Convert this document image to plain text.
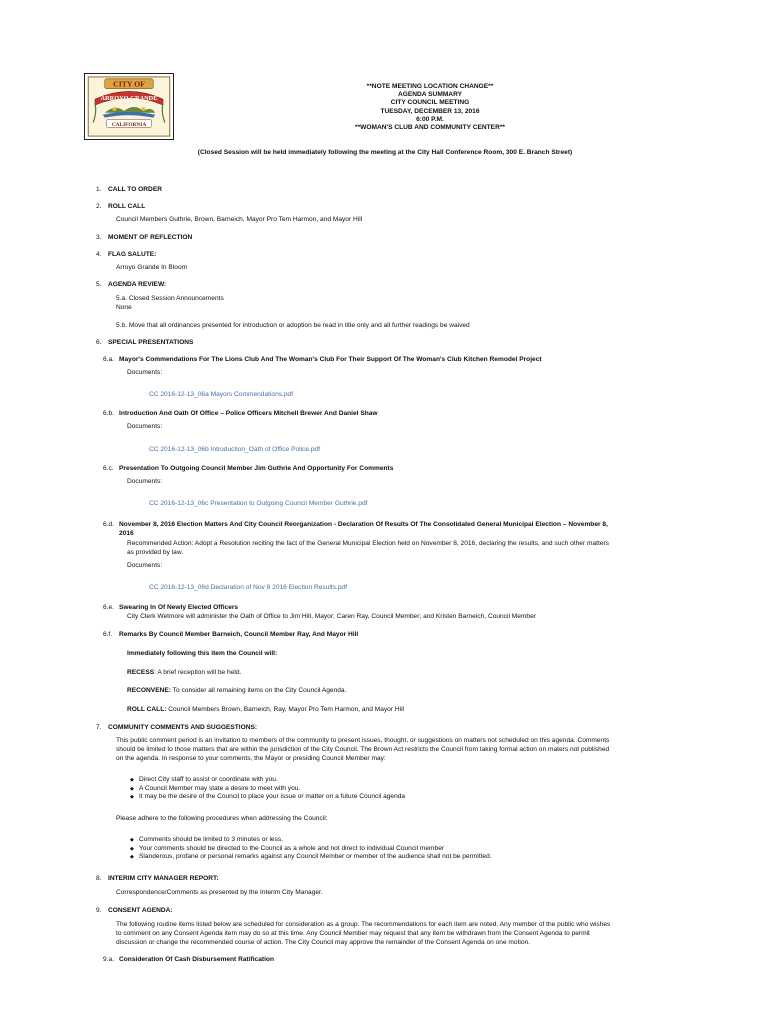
CITY OF
ARROYO GRANDE
CALIFORNIA
**NOTE MEETING LOCATION CHANGE**
AGENDA SUMMARY
CITY COUNCIL MEETING
TUESDAY, DECEMBER 13, 2016
6:00 P.M.
**WOMAN'S CLUB AND COMMUNITY CENTER**
(Closed Session will be held immediately following the meeting at the City Hall Conference Room, 300 E. Branch Street)
1. CALL TO ORDER
2. ROLL CALL
Council Members Guthrie, Brown, Barneich, Mayor Pro Tem Harmon, and Mayor Hill
3. MOMENT OF REFLECTION
4. FLAG SALUTE:
Arroyo Grande In Bloom
5. AGENDA REVIEW:
5.a. Closed Session Announcements
None
5.b. Move that all ordinances presented for introduction or adoption be read in title only and all further readings be waived
6. SPECIAL PRESENTATIONS
6.a. Mayor's Commendations For The Lions Club And The Woman's Club For Their Support Of The Woman's Club Kitchen Remodel Project
Documents:
CC 2016-12-13_06a Mayors Commendations.pdf
6.b. Introduction And Oath Of Office – Police Officers Mitchell Brewer And Daniel Shaw
Documents:
CC 2016-12-13_06b Introduction_Oath of Office Police.pdf
6.c. Presentation To Outgoing Council Member Jim Guthrie And Opportunity For Comments
Documents:
CC 2016-12-13_06c Presentation to Outgoing Council Member Guthrie.pdf
6.d. November 8, 2016 Election Matters And City Council Reorganization - Declaration Of Results Of The Consolidated General Municipal Election – November 8,
2016
Recommended Action: Adopt a Resolution reciting the fact of the General Municipal Election held on November 8, 2016, declaring the results, and such other matters
as provided by law.
Documents:
CC 2016-12-13_06d Declaration of Nov 8 2016 Election Results.pdf
6.e. Swearing In Of Newly Elected Officers
City Clerk Wetmore will administer the Oath of Office to Jim Hill, Mayor; Caren Ray, Council Member; and Kristen Barneich, Council Member
6.f. Remarks By Council Member Barneich, Council Member Ray, And Mayor Hill
Immediately following this item the Council will:
RECESS: A brief reception will be held.
RECONVENE: To consider all remaining items on the City Council Agenda.
ROLL CALL: Council Members Brown, Barneich, Ray, Mayor Pro Tem Harmon, and Mayor Hill
7. COMMUNITY COMMENTS AND SUGGESTIONS:
This public comment period is an invitation to members of the community to present issues, thought, or suggestions on matters not scheduled on this agenda. Comments
should be limited to those matters that are within the jurisdiction of the City Council. The Brown Act restricts the Council from taking formal action on maters not published
on the agenda. In response to your comments, the Mayor or presiding Council Member may:
◆ Direct City staff to assist or coordinate with you.
◆ A Council Member may state a desire to meet with you.
◆ It may be the desire of the Council to place your issue or matter on a future Council agenda
Please adhere to the following procedures when addressing the Council:
◆ Comments should be limited to 3 minutes or less.
◆ Your comments should be directed to the Council as a whole and not direct to individual Council member
◆ Slanderous, profane or personal remarks against any Council Member or member of the audience shall not be permitted.
8. INTERIM CITY MANAGER REPORT:
Correspondence/Comments as presented by the Interim City Manager.
9. CONSENT AGENDA:
The following routine items listed below are scheduled for consideration as a group. The recommendations for each item are noted. Any member of the public who wishes
to comment on any Consent Agenda item may do so at this time. Any Council Member may request that any item be withdrawn from the Consent Agenda to permit
discussion or change the recommended course of action. The City Council may approve the remainder of the Consent Agenda on one motion.
9.a. Consideration Of Cash Disbursement Ratification
